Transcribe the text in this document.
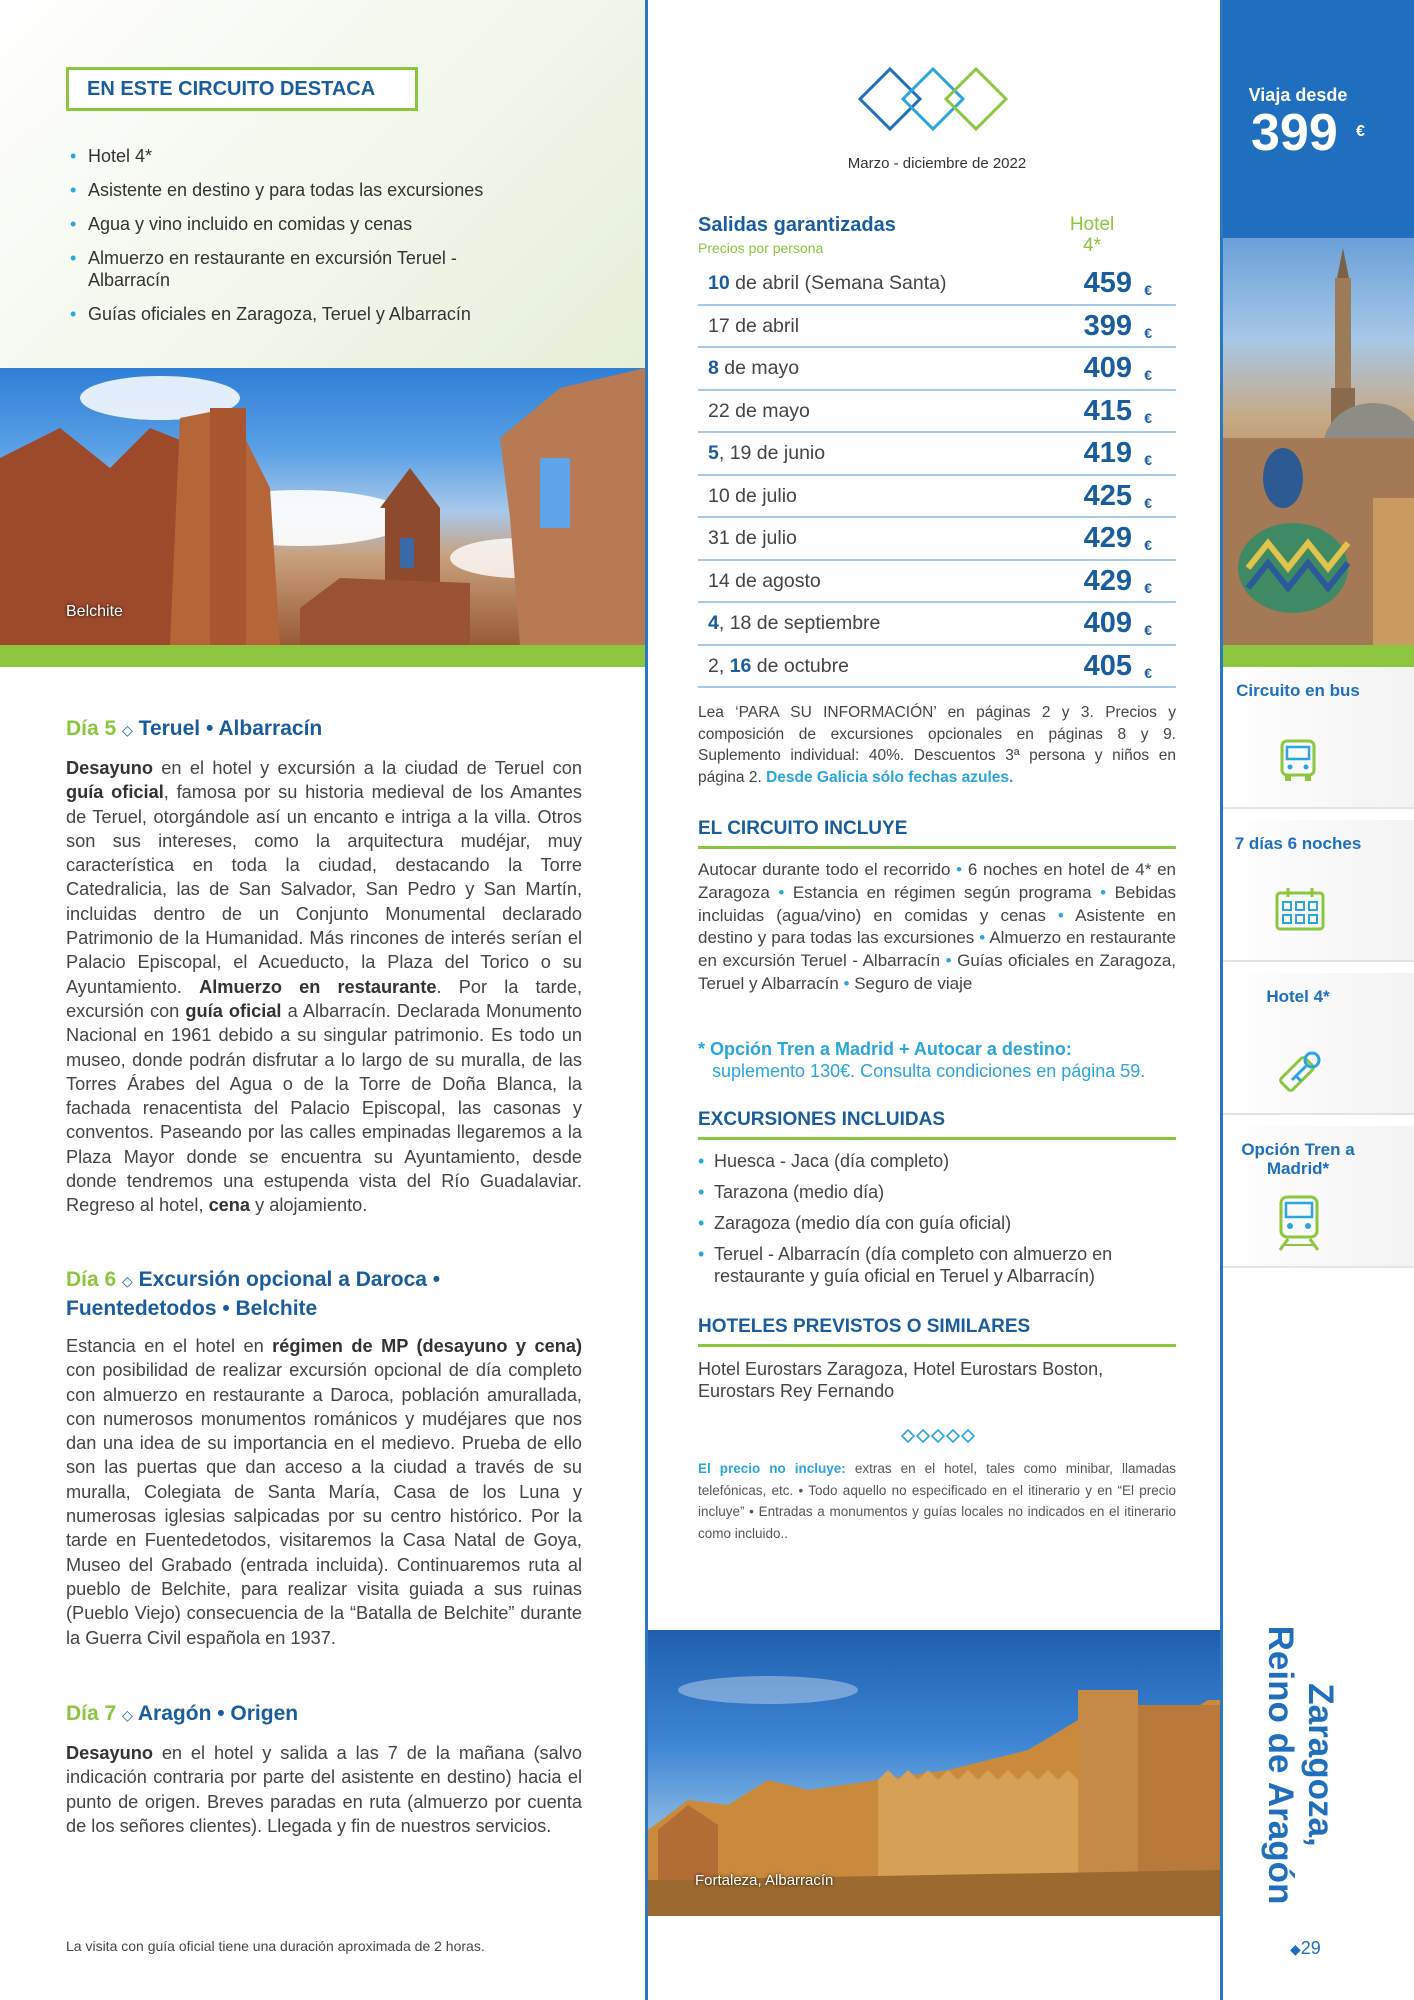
EN ESTE CIRCUITO DESTACA
• Hotel 4*
• Asistente en destino y para todas las excursiones
• Agua y vino incluido en comidas y cenas
• Almuerzo en restaurante en excursión Teruel - Albarracín
• Guías oficiales en Zaragoza, Teruel y Albarracín
Belchite
Día 5 ◇ Teruel • Albarracín
Desayuno en el hotel y excursión a la ciudad de Teruel con guía oficial, famosa por su historia medieval de los Amantes de Teruel, otorgándole así un encanto e intriga a la villa. Otros son sus intereses, como la arquitectura mudéjar, muy característica en toda la ciudad, destacando la Torre Catedralicia, las de San Salvador, San Pedro y San Martín, incluidas dentro de un Conjunto Monumental declarado Patrimonio de la Humanidad. Más rincones de interés serían el Palacio Episcopal, el Acueducto, la Plaza del Torico o su Ayuntamiento. Almuerzo en restaurante. Por la tarde, excursión con guía oficial a Albarracín. Declarada Monumento Nacional en 1961 debido a su singular patrimonio. Es todo un museo, donde podrán disfrutar a lo largo de su muralla, de las Torres Árabes del Agua o de la Torre de Doña Blanca, la fachada renacentista del Palacio Episcopal, las casonas y conventos. Paseando por las calles empinadas llegaremos a la Plaza Mayor donde se encuentra su Ayuntamiento, desde donde tendremos una estupenda vista del Río Guadalaviar. Regreso al hotel, cena y alojamiento.
Día 6 ◇ Excursión opcional a Daroca •
Fuentedetodos • Belchite
Estancia en el hotel en régimen de MP (desayuno y cena) con posibilidad de realizar excursión opcional de día completo con almuerzo en restaurante a Daroca, población amurallada, con numerosos monumentos románicos y mudéjares que nos dan una idea de su importancia en el medievo. Prueba de ello son las puertas que dan acceso a la ciudad a través de su muralla, Colegiata de Santa María, Casa de los Luna y numerosas iglesias salpicadas por su centro histórico. Por la tarde en Fuentedetodos, visitaremos la Casa Natal de Goya, Museo del Grabado (entrada incluida). Continuaremos ruta al pueblo de Belchite, para realizar visita guiada a sus ruinas (Pueblo Viejo) consecuencia de la “Batalla de Belchite” durante la Guerra Civil española en 1937.
Día 7 ◇ Aragón • Origen
Desayuno en el hotel y salida a las 7 de la mañana (salvo indicación contraria por parte del asistente en destino) hacia el punto de origen. Breves paradas en ruta (almuerzo por cuenta de los señores clientes). Llegada y fin de nuestros servicios.
La visita con guía oficial tiene una duración aproximada de 2 horas.
Marzo - diciembre de 2022
Salidas garantizadas
Precios por persona
Hotel
4*
10 de abril (Semana Santa)	459 €
17 de abril	399 €
8 de mayo	409 €
22 de mayo	415 €
5, 19 de junio	419 €
10 de julio	425 €
31 de julio	429 €
14 de agosto	429 €
4, 18 de septiembre	409 €
2, 16 de octubre	405 €
Lea ‘PARA SU INFORMACIÓN’ en páginas 2 y 3. Precios y composición de excursiones opcionales en páginas 8 y 9. Suplemento individual: 40%. Descuentos 3ª persona y niños en página 2. Desde Galicia sólo fechas azules.
EL CIRCUITO INCLUYE
Autocar durante todo el recorrido • 6 noches en hotel de 4* en Zaragoza • Estancia en régimen según programa • Bebidas incluidas (agua/vino) en comidas y cenas • Asistente en destino y para todas las excursiones • Almuerzo en restaurante en excursión Teruel - Albarracín • Guías oficiales en Zaragoza, Teruel y Albarracín • Seguro de viaje
* Opción Tren a Madrid + Autocar a destino:
suplemento 130€. Consulta condiciones en página 59.
EXCURSIONES INCLUIDAS
• Huesca - Jaca (día completo)
• Tarazona (medio día)
• Zaragoza (medio día con guía oficial)
• Teruel - Albarracín (día completo con almuerzo en restaurante y guía oficial en Teruel y Albarracín)
HOTELES PREVISTOS O SIMILARES
Hotel Eurostars Zaragoza, Hotel Eurostars Boston, Eurostars Rey Fernando
El precio no incluye: extras en el hotel, tales como minibar, llamadas telefónicas, etc. • Todo aquello no especificado en el itinerario y en “El precio incluye” • Entradas a monumentos y guías locales no indicados en el itinerario como incluido..
Fortaleza, Albarracín
Viaja desde
399 €
Circuito en bus
7 días 6 noches
Hotel 4*
Opción Tren a Madrid*
Zaragoza,
Reino de Aragón
◆29
